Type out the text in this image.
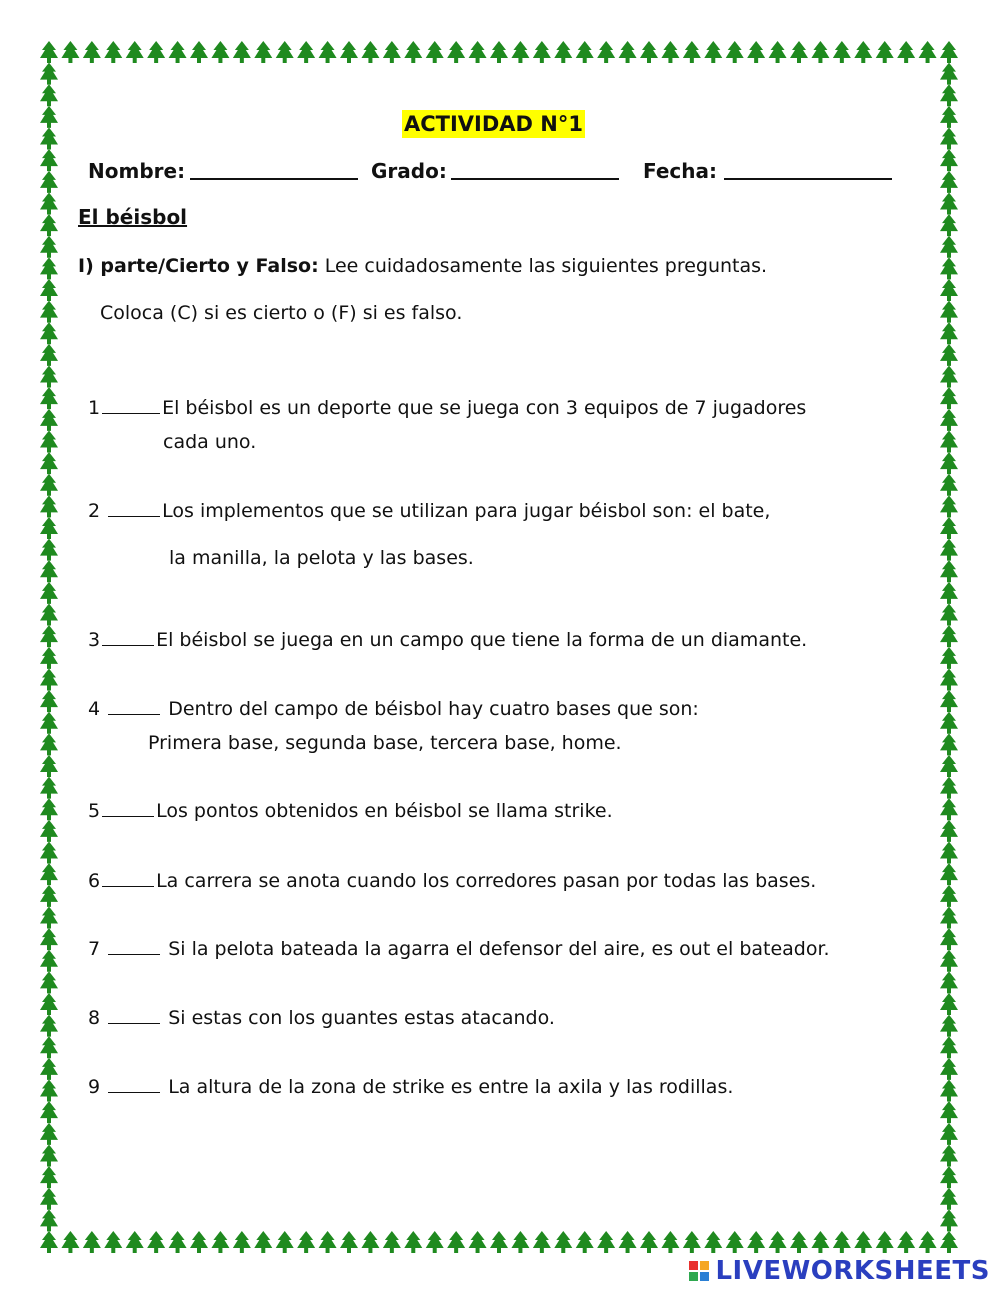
ACTIVIDAD N°1
Nombre:	Grado:	Fecha:
El béisbol
I) parte/Cierto y Falso: Lee cuidadosamente las siguientes preguntas.
Coloca (C) si es cierto o (F) si es falso.
1	El béisbol es un deporte que se juega con 3 equipos de 7 jugadores
cada uno.
2	Los implementos que se utilizan para jugar béisbol son: el bate,
la manilla, la pelota y las bases.
3	El béisbol se juega en un campo que tiene la forma de un diamante.
4	Dentro del campo de béisbol hay cuatro bases que son:
Primera base, segunda base, tercera base, home.
5	Los pontos obtenidos en béisbol se llama strike.
6	La carrera se anota cuando los corredores pasan por todas las bases.
7	Si la pelota bateada la agarra el defensor del aire, es out el bateador.
8	Si estas con los guantes estas atacando.
9	La altura de la zona de strike es entre la axila y las rodillas.
LIVEWORKSHEETS
